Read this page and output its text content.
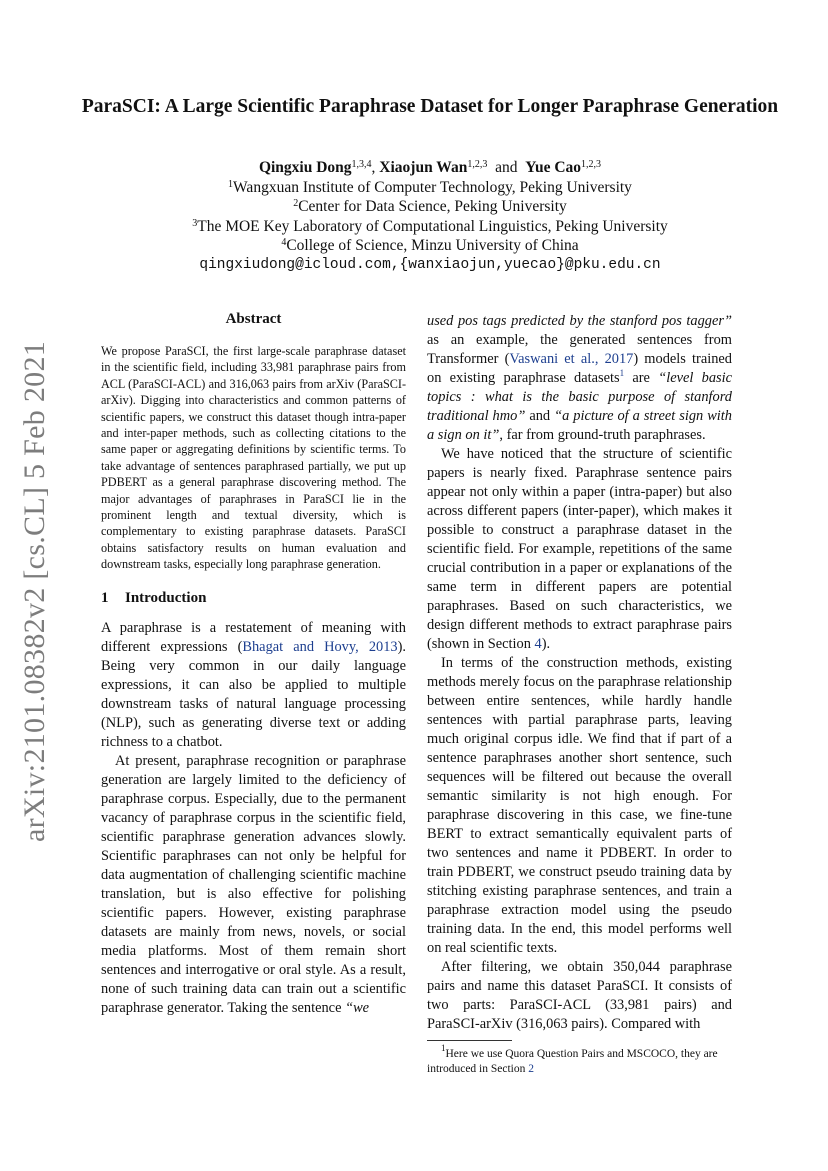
arXiv:2101.08382v2 [cs.CL] 5 Feb 2021
ParaSCI: A Large Scientific Paraphrase Dataset for Longer Paraphrase Generation
Qingxiu Dong$^{1,3,4}$, Xiaojun Wan$^{1,2,3}$ and Yue Cao$^{1,2,3}$
$^1$Wangxuan Institute of Computer Technology, Peking University
$^2$Center for Data Science, Peking University
$^3$The MOE Key Laboratory of Computational Linguistics, Peking University
$^4$College of Science, Minzu University of China
qingxiudong@icloud.com,{wanxiaojun,yuecao}@pku.edu.cn
Abstract

We propose ParaSCI, the first large-scale paraphrase dataset in the scientific field, including 33,981 paraphrase pairs from ACL (ParaSCI-ACL) and 316,063 pairs from arXiv (ParaSCI-arXiv). Digging into characteristics and common patterns of scientific papers, we construct this dataset though intra-paper and inter-paper methods, such as collecting citations to the same paper or aggregating definitions by scientific terms. To take advantage of sentences paraphrased partially, we put up PDBERT as a general paraphrase discovering method. The major advantages of paraphrases in ParaSCI lie in the prominent length and textual diversity, which is complementary to existing paraphrase datasets. ParaSCI obtains satisfactory results on human evaluation and downstream tasks, especially long paraphrase generation.

1 Introduction

A paraphrase is a restatement of meaning with different expressions (Bhagat and Hovy, 2013). Being very common in our daily language expressions, it can also be applied to multiple downstream tasks of natural language processing (NLP), such as generating diverse text or adding richness to a chatbot.

At present, paraphrase recognition or paraphrase generation are largely limited to the deficiency of paraphrase corpus. Especially, due to the permanent vacancy of paraphrase corpus in the scientific field, scientific paraphrase generation advances slowly. Scientific paraphrases can not only be helpful for data augmentation of challenging scientific machine translation, but is also effective for polishing scientific papers. However, existing paraphrase datasets are mainly from news, novels, or social media platforms. Most of them remain short sentences and interrogative or oral style. As a result, none of such training data can train out a scientific paraphrase generator. Taking the sentence “we

used pos tags predicted by the stanford pos tagger” as an example, the generated sentences from Transformer (Vaswani et al., 2017) models trained on existing paraphrase datasets$^1$ are “level basic topics : what is the basic purpose of stanford traditional hmo” and “a picture of a street sign with a sign on it”, far from ground-truth paraphrases.

We have noticed that the structure of scientific papers is nearly fixed. Paraphrase sentence pairs appear not only within a paper (intra-paper) but also across different papers (inter-paper), which makes it possible to construct a paraphrase dataset in the scientific field. For example, repetitions of the same crucial contribution in a paper or explanations of the same term in different papers are potential paraphrases. Based on such characteristics, we design different methods to extract paraphrase pairs (shown in Section 4).

In terms of the construction methods, existing methods merely focus on the paraphrase relationship between entire sentences, while hardly handle sentences with partial paraphrase parts, leaving much original corpus idle. We find that if part of a sentence paraphrases another short sentence, such sequences will be filtered out because the overall semantic similarity is not high enough. For paraphrase discovering in this case, we fine-tune BERT to extract semantically equivalent parts of two sentences and name it PDBERT. In order to train PDBERT, we construct pseudo training data by stitching existing paraphrase sentences, and train a paraphrase extraction model using the pseudo training data. In the end, this model performs well on real scientific texts.

After filtering, we obtain 350,044 paraphrase pairs and name this dataset ParaSCI. It consists of two parts: ParaSCI-ACL (33,981 pairs) and ParaSCI-arXiv (316,063 pairs). Compared with

$^1$Here we use Quora Question Pairs and MSCOCO, they are introduced in Section 2
